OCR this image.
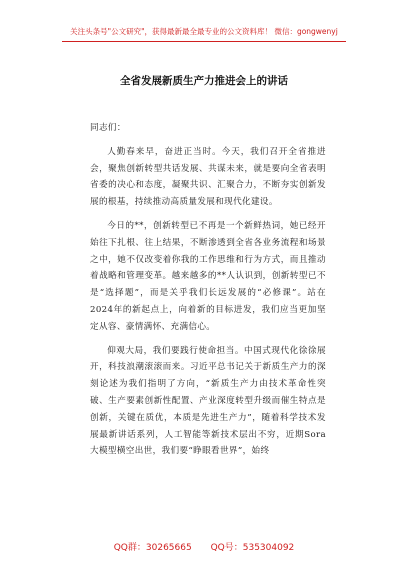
关注头条号"公文研究"，获得最新最全最专业的公文资料库！ 微信：gongwenyj
全省发展新质生产力推进会上的讲话

同志们：

人勤春来早，奋进正当时。今天，我们召开全省推进会，聚焦创新转型共话发展、共谋未来，就是要向全省表明省委的决心和态度，凝聚共识、汇聚合力，不断夯实创新发展的根基，持续推动高质量发展和现代化建设。

今日的**，创新转型已不再是一个新鲜热词，她已经开始往下扎根、往上结果，不断渗透到全省各业务流程和场景之中，她不仅改变着你我的工作思维和行为方式，而且推动着战略和管理变革。越来越多的**人认识到，创新转型已不是“选择题”，而是关乎我们长远发展的“必修课”。站在2024年的新起点上，向着新的目标进发，我们应当更加坚定从容、豪情满怀、充满信心。

仰观大局，我们要践行使命担当。中国式现代化徐徐展开，科技浪潮滚滚而来。习近平总书记关于新质生产力的深刻论述为我们指明了方向，“新质生产力由技术革命性突破、生产要素创新性配置、产业深度转型升级而催生特点是创新，关键在质优，本质是先进生产力”，随着科学技术发展最新讲话系列，人工智能等新技术层出不穷，近期Sora大模型横空出世，我们要“睁眼看世界”，始终

QQ群：30265665 QQ号：535304092
